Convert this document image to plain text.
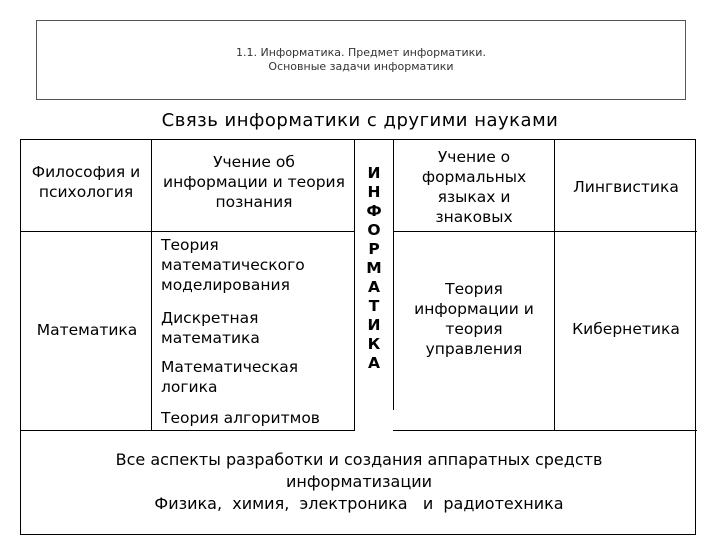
1.1. Информатика. Предмет информатики.
Основные задачи информатики
Связь информатики с другими науками
Философия и психология
Учение об информации и теория познания
Математика
Теория математического моделирования
Дискретная математика
Математическая логика
Теория алгоритмов
И
Н
Ф
О
Р
М
А
Т
И
К
А
Учение о формальных языках и знаковых
Лингвистика
Теория информации и теория управления
Кибернетика
Все аспекты разработки и создания аппаратных средств
информатизации
Физика,  химия,  электроника   и  радиотехника
